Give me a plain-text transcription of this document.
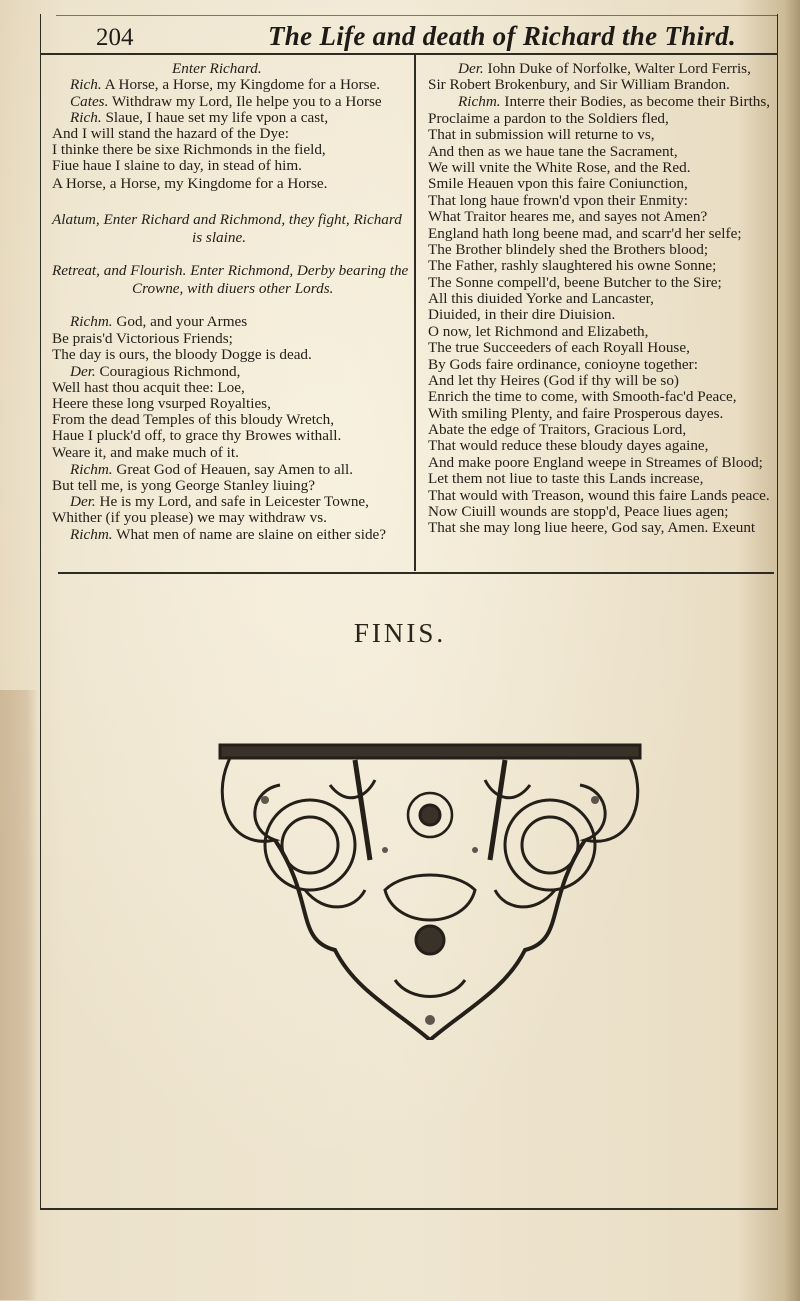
204	The Life and death of Richard the Third.
Enter Richard.
Rich. A Horse, a Horse, my Kingdome for a Horse.
Cates. Withdraw my Lord, Ile helpe you to a Horse
Rich. Slaue, I haue set my life vpon a cast,
And I will stand the hazard of the Dye:
I thinke there be sixe Richmonds in the field,
Fiue haue I slaine to day, in stead of him.
A Horse, a Horse, my Kingdome for a Horse.
Alatum, Enter Richard and Richmond, they fight, Richard
is slaine.
Retreat, and Flourish. Enter Richmond, Derby bearing the
Crowne, with diuers other Lords.
Richm. God, and your Armes
Be prais'd Victorious Friends;
The day is ours, the bloody Dogge is dead.
Der. Couragious Richmond,
Well hast thou acquit thee: Loe,
Heere these long vsurped Royalties,
From the dead Temples of this bloudy Wretch,
Haue I pluck'd off, to grace thy Browes withall.
Weare it, and make much of it.
Richm. Great God of Heauen, say Amen to all.
But tell me, is yong George Stanley liuing?
Der. He is my Lord, and safe in Leicester Towne,
Whither (if you please) we may withdraw vs.
Richm. What men of name are slaine on either side?
Der. Iohn Duke of Norfolke, Walter Lord Ferris,
Sir Robert Brokenbury, and Sir William Brandon.
Richm. Interre their Bodies, as become their Births,
Proclaime a pardon to the Soldiers fled,
That in submission will returne to vs,
And then as we haue tane the Sacrament,
We will vnite the White Rose, and the Red.
Smile Heauen vpon this faire Coniunction,
That long haue frown'd vpon their Enmity:
What Traitor heares me, and sayes not Amen?
England hath long beene mad, and scarr'd her selfe;
The Brother blindely shed the Brothers blood;
The Father, rashly slaughtered his owne Sonne;
The Sonne compell'd, beene Butcher to the Sire;
All this diuided Yorke and Lancaster,
Diuided, in their dire Diuision.
O now, let Richmond and Elizabeth,
The true Succeeders of each Royall House,
By Gods faire ordinance, conioyne together:
And let thy Heires (God if thy will be so)
Enrich the time to come, with Smooth-fac'd Peace,
With smiling Plenty, and faire Prosperous dayes.
Abate the edge of Traitors, Gracious Lord,
That would reduce these bloudy dayes againe,
And make poore England weepe in Streames of Blood;
Let them not liue to taste this Lands increase,
That would with Treason, wound this faire Lands peace.
Now Ciuill wounds are stopp'd, Peace liues agen;
That she may long liue heere, God say, Amen. Exeunt
FINIS.
